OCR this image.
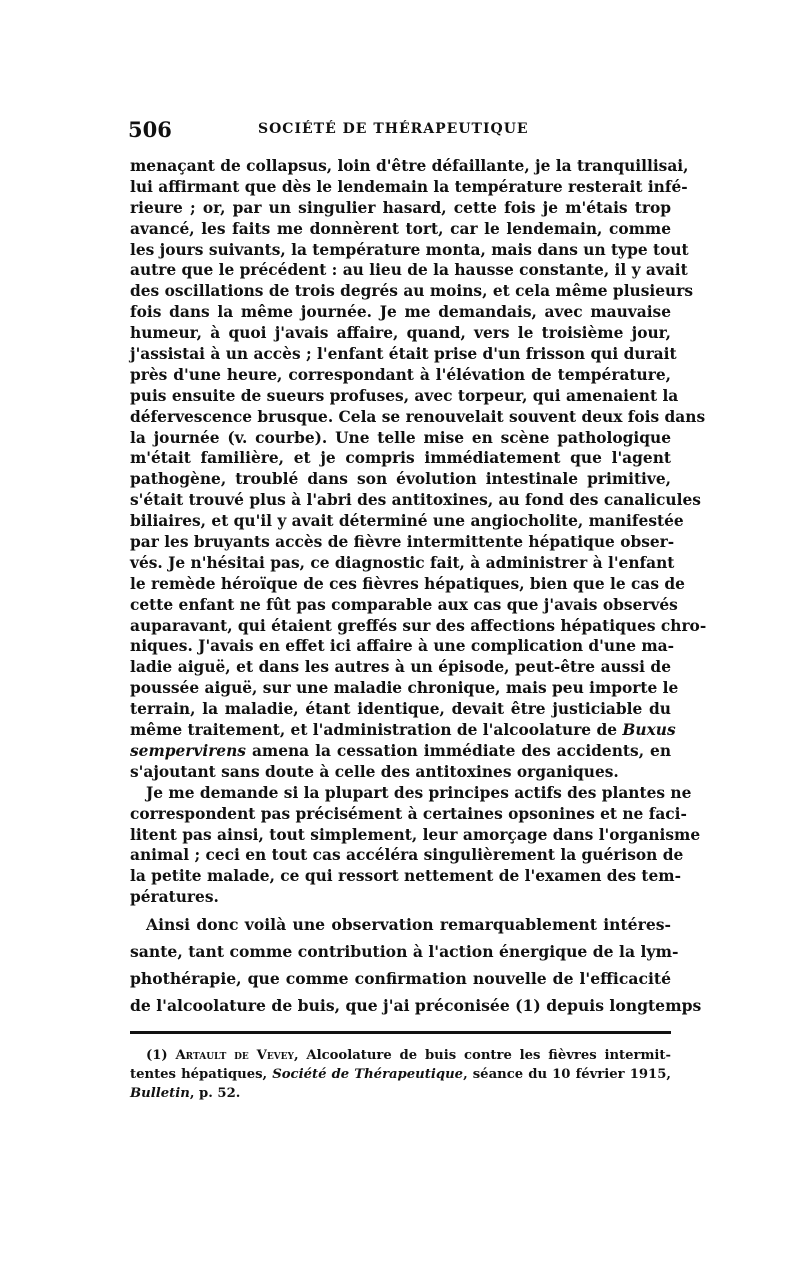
506	SOCIÉTÉ DE THÉRAPEUTIQUE
menaçant de collapsus, loin d'être défaillante, je la tranquillisai,
lui affirmant que dès le lendemain la température resterait infé-
rieure ; or, par un singulier hasard, cette fois je m'étais trop
avancé, les faits me donnèrent tort, car le lendemain, comme
les jours suivants, la température monta, mais dans un type tout
autre que le précédent : au lieu de la hausse constante, il y avait
des oscillations de trois degrés au moins, et cela même plusieurs
fois dans la même journée. Je me demandais, avec mauvaise
humeur, à quoi j'avais affaire, quand, vers le troisième jour,
j'assistai à un accès ; l'enfant était prise d'un frisson qui durait
près d'une heure, correspondant à l'élévation de température,
puis ensuite de sueurs profuses, avec torpeur, qui amenaient la
défervescence brusque. Cela se renouvelait souvent deux fois dans
la journée (v. courbe). Une telle mise en scène pathologique
m'était familière, et je compris immédiatement que l'agent
pathogène, troublé dans son évolution intestinale primitive,
s'était trouvé plus à l'abri des antitoxines, au fond des canalicules
biliaires, et qu'il y avait déterminé une angiocholite, manifestée
par les bruyants accès de fièvre intermittente hépatique obser-
vés. Je n'hésitai pas, ce diagnostic fait, à administrer à l'enfant
le remède héroïque de ces fièvres hépatiques, bien que le cas de
cette enfant ne fût pas comparable aux cas que j'avais observés
auparavant, qui étaient greffés sur des affections hépatiques chro-
niques. J'avais en effet ici affaire à une complication d'une ma-
ladie aiguë, et dans les autres à un épisode, peut-être aussi de
poussée aiguë, sur une maladie chronique, mais peu importe le
terrain, la maladie, étant identique, devait être justiciable du
même traitement, et l'administration de l'alcoolature de Buxus
sempervirens amena la cessation immédiate des accidents, en
s'ajoutant sans doute à celle des antitoxines organiques.
Je me demande si la plupart des principes actifs des plantes ne
correspondent pas précisément à certaines opsonines et ne faci-
litent pas ainsi, tout simplement, leur amorçage dans l'organisme
animal ; ceci en tout cas accéléra singulièrement la guérison de
la petite malade, ce qui ressort nettement de l'examen des tem-
pératures.
Ainsi donc voilà une observation remarquablement intéres-
sante, tant comme contribution à l'action énergique de la lym-
phothérapie, que comme confirmation nouvelle de l'efficacité
de l'alcoolature de buis, que j'ai préconisée (1) depuis longtemps
(1) Artault de Vevey, Alcoolature de buis contre les fièvres intermit-
tentes hépatiques, Société de Thérapeutique, séance du 10 février 1915,
Bulletin, p. 52.
